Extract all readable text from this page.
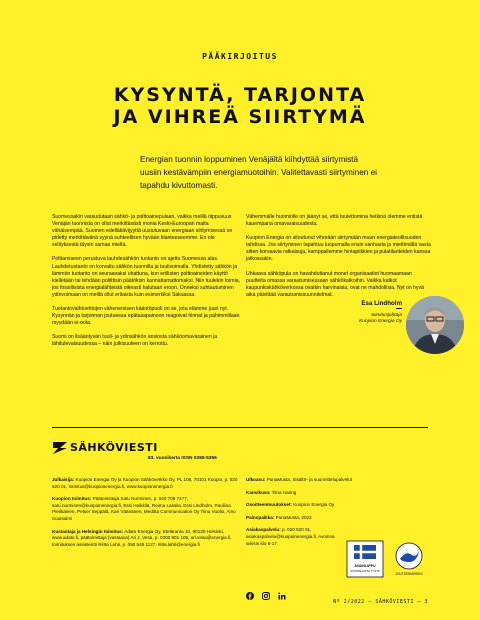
PÄÄKIRJOITUS
KYSYNTÄ, TARJONTA
JA VIHREÄ SIIRTYMÄ
Energian tuonnin loppuminen Venäjältä kiihdyttää siirtymistä uusiin kestävämpiin energiamuotoihin. Valitettavasti siirtyminen ei tapahdu kivuttomasti.

Suomessakin varaudutaan sähkö- ja polttoainepulaan, vaikka meillä riippuvuus Venäjän tuonnista on ollut merkittävästi monia Keski-Euroopan maita vähäisempää. Suomen edelläkävijyyttä uusiutuvaan energiaan siirtymisessä on pidetty merkittävänä syynä suhteellisen hyvään tilanteeseemme. En ole selityksestä täysin samaa mieltä.

Polttamiseen perustuva lauhdesähkön tuotanto on ajettu Suomessa alas. Lauhdetuotanto on korvattu sähkön tuonnilla ja tuulivoimalla. Yhdistetty sähkön ja lämmön tuotanto on seuraavaksi uhattuna, kun erillisten polttoaineiden käyttö kielletään tai tehdään poliittisin päätöksin kannattamattomaksi. Niin tuulekin toimia, jos fossiilisista energialähteistä oikeasti halutaan eroon. Onneksi suhtautuminen ydinvoimaan on meillä ollut erilaista kuin esimerkiksi Saksassa.

Tuotantovaihtoehtojen vähenemisen kääntöpuoli on se, jota elämme juuri nyt. Kysynnän ja tarjonnan joutuessa epätasapainoon reagoivat hinnat ja pahimmillaan myydään ei-oota.

Suomi on lisääntyvän tuuli- ja ydinsähkön ansiosta sähköomavarainen ja lähitulevaisuudessa – näin julkisuuteen on kerrottu.

Vähemmälle huomiolle on jäänyt se, että tuulettomina hetkinä olemme entistä kauempana omavaraisuudesta.

Kuopion Energia on sitoutunut vihreään siirtymään muun energiateollisuuden tahdissa. Jos siirtyminen tapahtuu luopumalla ensin vanhasta ja miettimällä vasta sitten korvaavia ratkaisuja, kamppailemme hintapiikkien ja pulatilanteiden kanssa jatkossakin.

Uhkaava sähköpula on havahduttanut monet organisaatiot huomaamaan puutteita omassa varautumisessaan sähkökatkoihin. Vaikka katkot kaupunkiskähköverkossa ovatkin harvinaisia, ovat ne mahdollisia. Nyt on hyvä aika päivittää varautumissuunnitelmat.

Esa Lindholm
toimitusjohtaja
Kuopion Energia Oy
SÄHKÖVIESTI
83. vuosikerta ISSN 0355-5356

Julkaisija: Kuopion Energia Oy ja Kuopion Sähköverkko Oy, PL 105, 70101 Kuopio, p. 020 520 01, toimitus@kuopionenergia.fi, www.kuopionenergia.fi

Kuopion toimitus: Päätoimittaja Satu Nurminen, p. 040 709 7277, satu.nurminen@kuopionenergia.fi, Essi Heikkilä, Reima Lassila, Essi Lindholm, Pauliina Pietikäinen, Petser Seppälä, Kari Väänänen, Meditta Communication Oy Tiinu Vuolio, Aino Soutsalmi

Kustantaja ja Helsingin toimitus: Adato Energia Oy, Eteläranta 10, 00130 Helsinki, www.adato.fi, päätoimittaja (vastaava) Ari J. Vesa, p. 0300 801 105, ari.vesa@energia.fi, toimituksen assistentti Riitta Lahti, p. 050 548 1127, riitta.lahti@energia.fi

Ulkoasu: PunaMusta, Sisältö- ja suunnittelupalvelut

Kansikuva: Tiina Haring

Osoitteenmuutokset: Kuopion Energia Oy

Painopaikka: PunaMusta, 2022

Asiakaspalvelu: p. 020 520 01, asiakaspalvelu@kuopionenergia.fi, Avoinna arkisin klo 8-17

AVAINLIPPU
SUOMALAISTA TYÖTÄ
JOUTSENMERKKI
Nº 2/2022 — SÄHKÖVIESTI — 3
